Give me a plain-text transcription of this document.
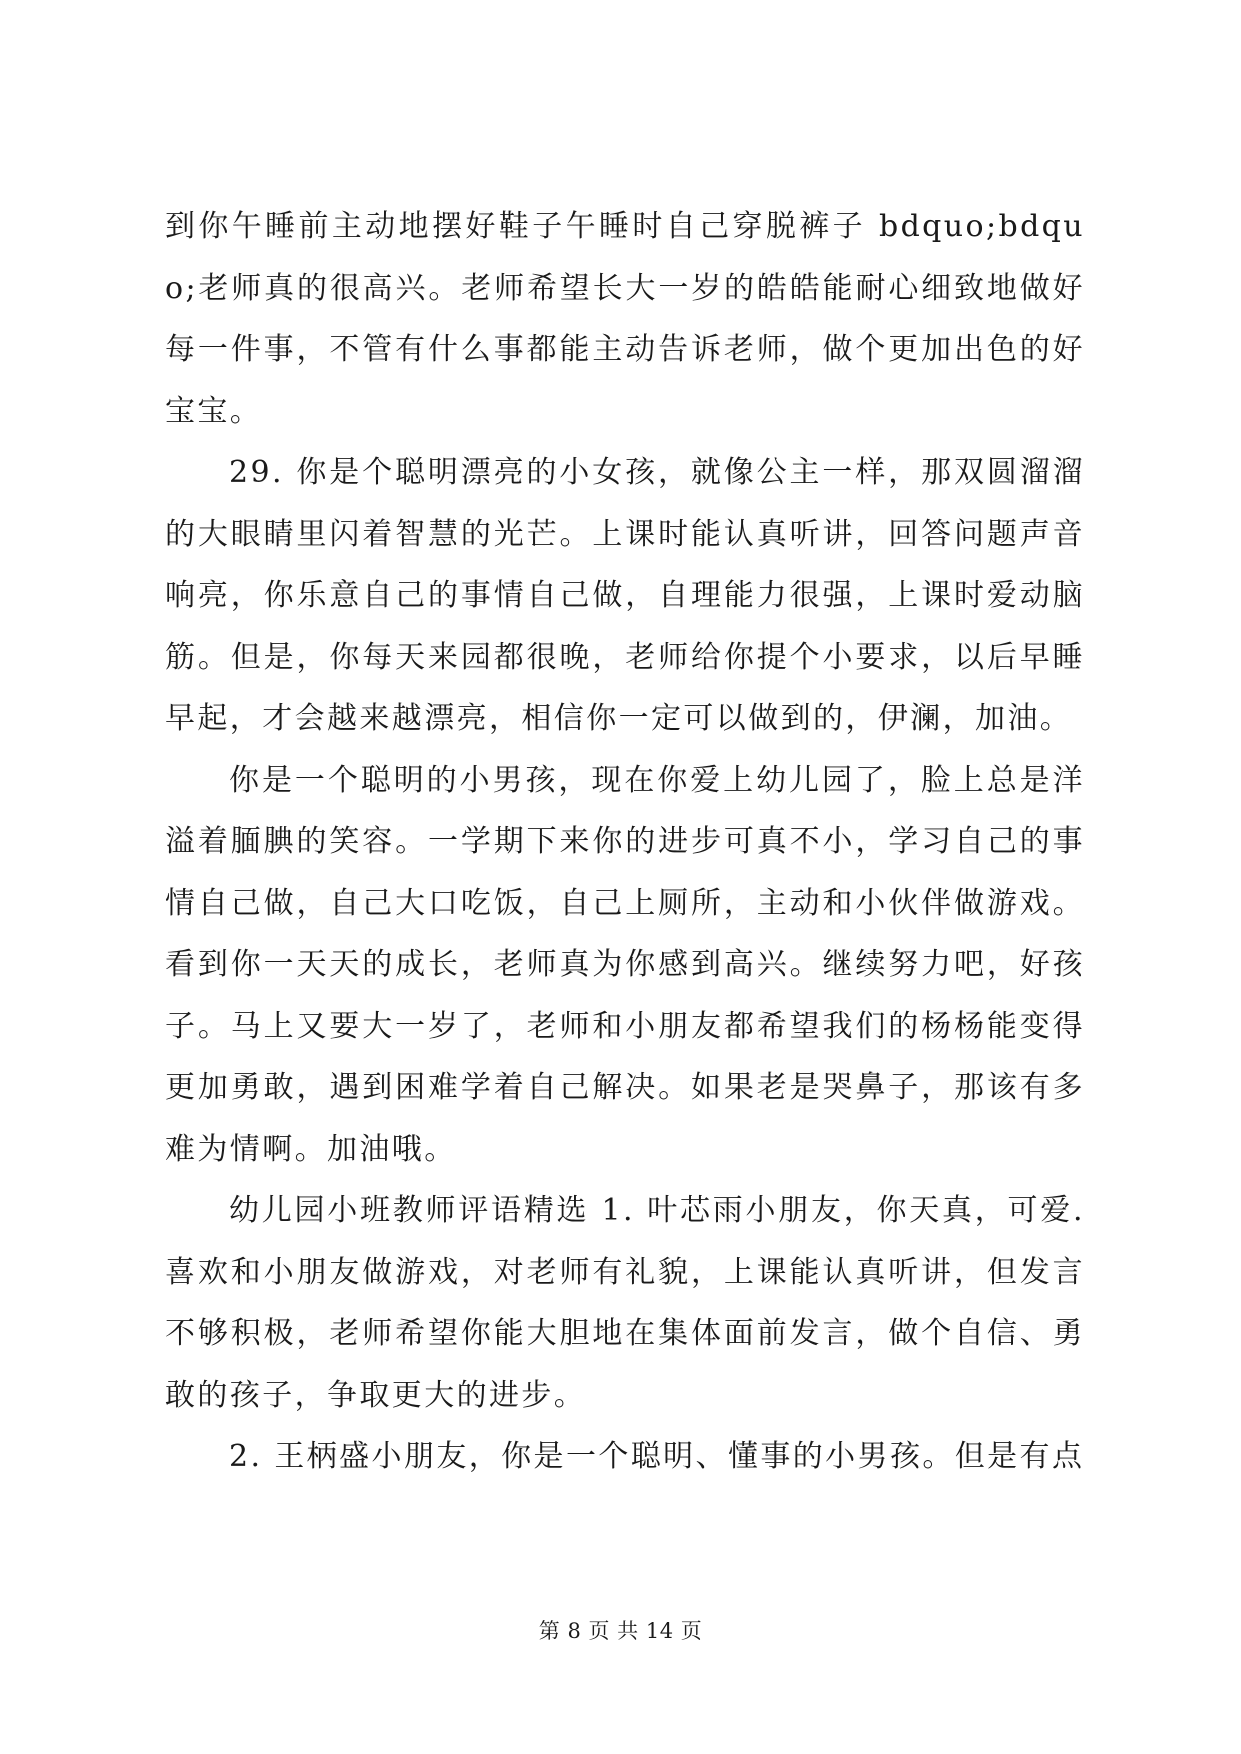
到你午睡前主动地摆好鞋子午睡时自己穿脱裤子 bdquo;bdquo;老师真的很高兴。老师希望长大一岁的皓皓能耐心细致地做好每一件事，不管有什么事都能主动告诉老师，做个更加出色的好宝宝。

29. 你是个聪明漂亮的小女孩，就像公主一样，那双圆溜溜的大眼睛里闪着智慧的光芒。上课时能认真听讲，回答问题声音响亮，你乐意自己的事情自己做，自理能力很强，上课时爱动脑筋。但是，你每天来园都很晚，老师给你提个小要求，以后早睡早起，才会越来越漂亮，相信你一定可以做到的，伊澜，加油。

你是一个聪明的小男孩，现在你爱上幼儿园了，脸上总是洋溢着腼腆的笑容。一学期下来你的进步可真不小，学习自己的事情自己做，自己大口吃饭，自己上厕所，主动和小伙伴做游戏。看到你一天天的成长，老师真为你感到高兴。继续努力吧，好孩子。马上又要大一岁了，老师和小朋友都希望我们的杨杨能变得更加勇敢，遇到困难学着自己解决。如果老是哭鼻子，那该有多难为情啊。加油哦。

幼儿园小班教师评语精选 1. 叶芯雨小朋友，你天真，可爱. 喜欢和小朋友做游戏，对老师有礼貌，上课能认真听讲，但发言不够积极，老师希望你能大胆地在集体面前发言，做个自信、勇敢的孩子，争取更大的进步。

2. 王柄盛小朋友，你是一个聪明、懂事的小男孩。但是有点

第 8 页 共 14 页
